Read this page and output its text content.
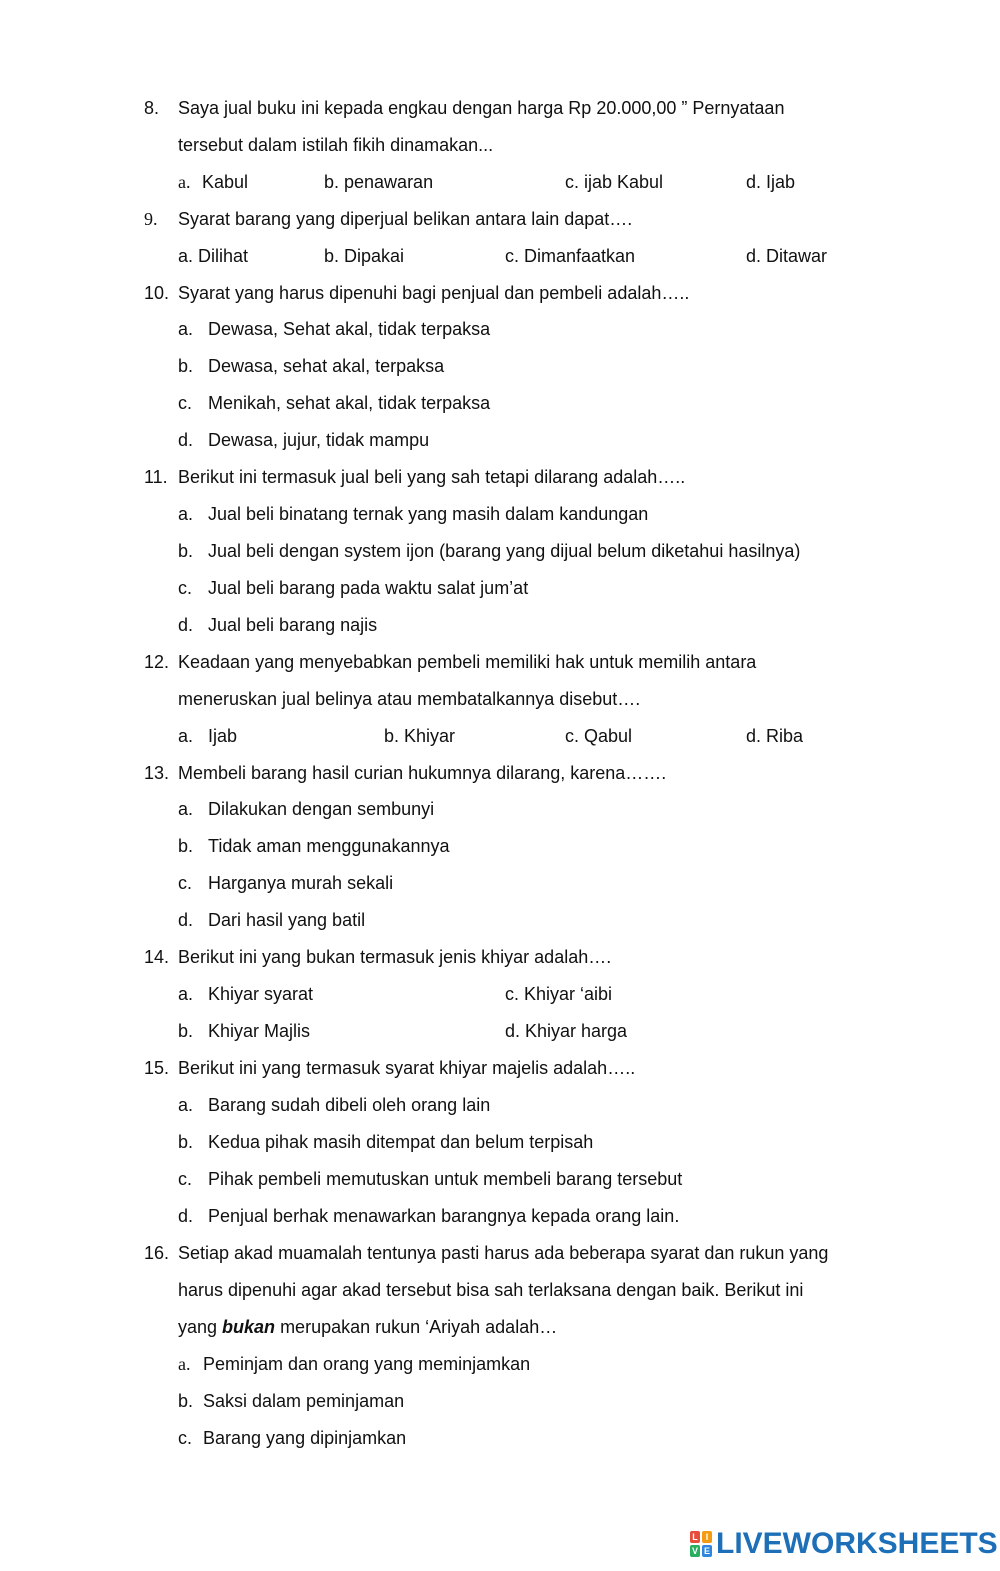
8. Saya jual buku ini kepada engkau dengan harga Rp 20.000,00 ” Pernyataan
tersebut dalam istilah fikih dinamakan...
a. Kabul	b. penawaran	c. ijab Kabul	d. Ijab
9. Syarat barang yang diperjual belikan antara lain dapat….
a. Dilihat	b. Dipakai	c. Dimanfaatkan	d. Ditawar
10. Syarat yang harus dipenuhi bagi penjual dan pembeli adalah…..
a. Dewasa, Sehat akal, tidak terpaksa
b. Dewasa, sehat akal, terpaksa
c. Menikah, sehat akal, tidak terpaksa
d. Dewasa, jujur, tidak mampu
11. Berikut ini termasuk jual beli yang sah tetapi dilarang adalah…..
a. Jual beli binatang ternak yang masih dalam kandungan
b. Jual beli dengan system ijon (barang yang dijual belum diketahui hasilnya)
c. Jual beli barang pada waktu salat jum’at
d. Jual beli barang najis
12. Keadaan yang menyebabkan pembeli memiliki hak untuk memilih antara
meneruskan jual belinya atau membatalkannya disebut….
a. Ijab	b. Khiyar	c. Qabul	d. Riba
13. Membeli barang hasil curian hukumnya dilarang, karena…….
a. Dilakukan dengan sembunyi
b. Tidak aman menggunakannya
c. Harganya murah sekali
d. Dari hasil yang batil
14. Berikut ini yang bukan termasuk jenis khiyar adalah….
a. Khiyar syarat	c. Khiyar ‘aibi
b. Khiyar Majlis	d. Khiyar harga
15. Berikut ini yang termasuk syarat khiyar majelis adalah…..
a. Barang sudah dibeli oleh orang lain
b. Kedua pihak masih ditempat dan belum terpisah
c. Pihak pembeli memutuskan untuk membeli barang tersebut
d. Penjual berhak menawarkan barangnya kepada orang lain.
16. Setiap akad muamalah tentunya pasti harus ada beberapa syarat dan rukun yang
harus dipenuhi agar akad tersebut bisa sah terlaksana dengan baik. Berikut ini
yang bukan merupakan rukun ‘Ariyah adalah…
a. Peminjam dan orang yang meminjamkan
b. Saksi dalam peminjaman
c. Barang yang dipinjamkan
L I
V E LIVEWORKSHEETS
